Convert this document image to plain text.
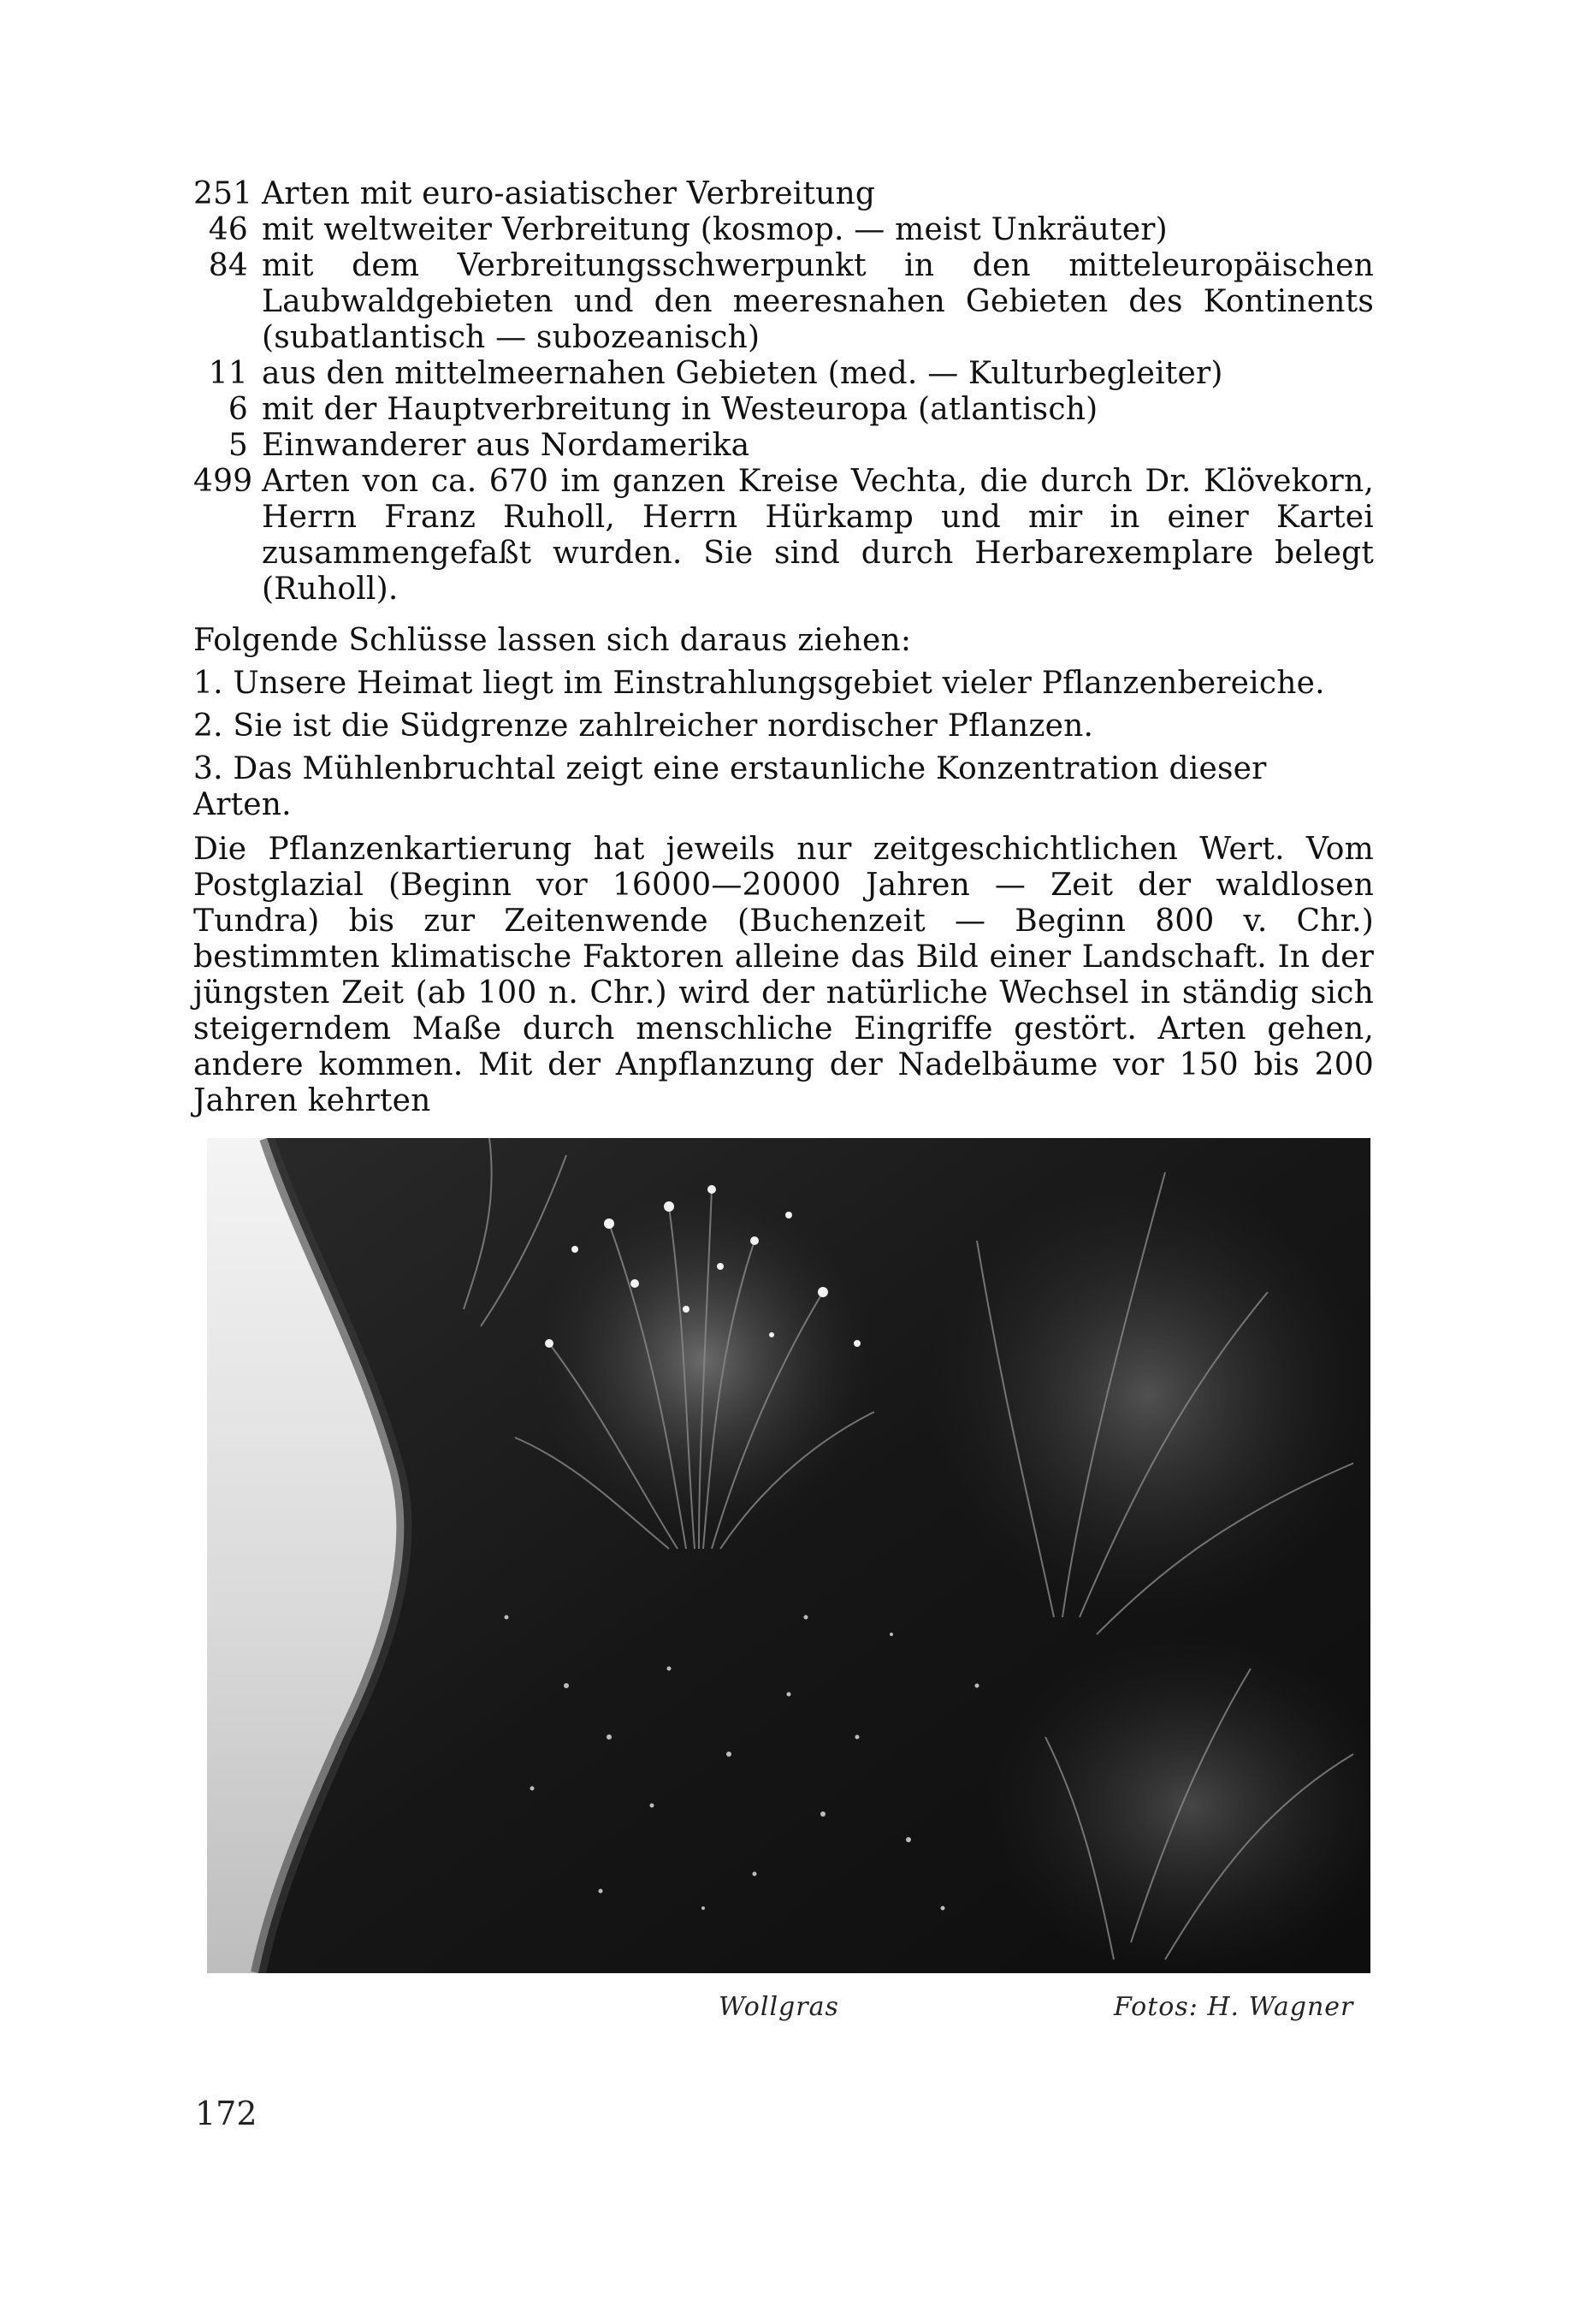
251 Arten mit euro-asiatischer Verbreitung
46 mit weltweiter Verbreitung (kosmop. — meist Unkräuter)
84 mit dem Verbreitungsschwerpunkt in den mitteleuropäischen Laubwaldgebieten und den meeresnahen Gebieten des Kontinents (subatlantisch — subozeanisch)
11 aus den mittelmeernahen Gebieten (med. — Kulturbegleiter)
6 mit der Hauptverbreitung in Westeuropa (atlantisch)
5 Einwanderer aus Nordamerika
499 Arten von ca. 670 im ganzen Kreise Vechta, die durch Dr. Klövekorn, Herrn Franz Ruholl, Herrn Hürkamp und mir in einer Kartei zusammengefaßt wurden. Sie sind durch Herbarexemplare belegt (Ruholl).
Folgende Schlüsse lassen sich daraus ziehen:
1. Unsere Heimat liegt im Einstrahlungsgebiet vieler Pflanzenbereiche.
2. Sie ist die Südgrenze zahlreicher nordischer Pflanzen.
3. Das Mühlenbruchtal zeigt eine erstaunliche Konzentration dieser Arten.
Die Pflanzenkartierung hat jeweils nur zeitgeschichtlichen Wert. Vom Postglazial (Beginn vor 16000—20000 Jahren — Zeit der waldlosen Tundra) bis zur Zeitenwende (Buchenzeit — Beginn 800 v. Chr.) bestimmten klimatische Faktoren alleine das Bild einer Landschaft. In der jüngsten Zeit (ab 100 n. Chr.) wird der natürliche Wechsel in ständig sich steigerndem Maße durch menschliche Eingriffe gestört. Arten gehen, andere kommen. Mit der Anpflanzung der Nadelbäume vor 150 bis 200 Jahren kehrten
Wollgras	Fotos: H. Wagner
172
